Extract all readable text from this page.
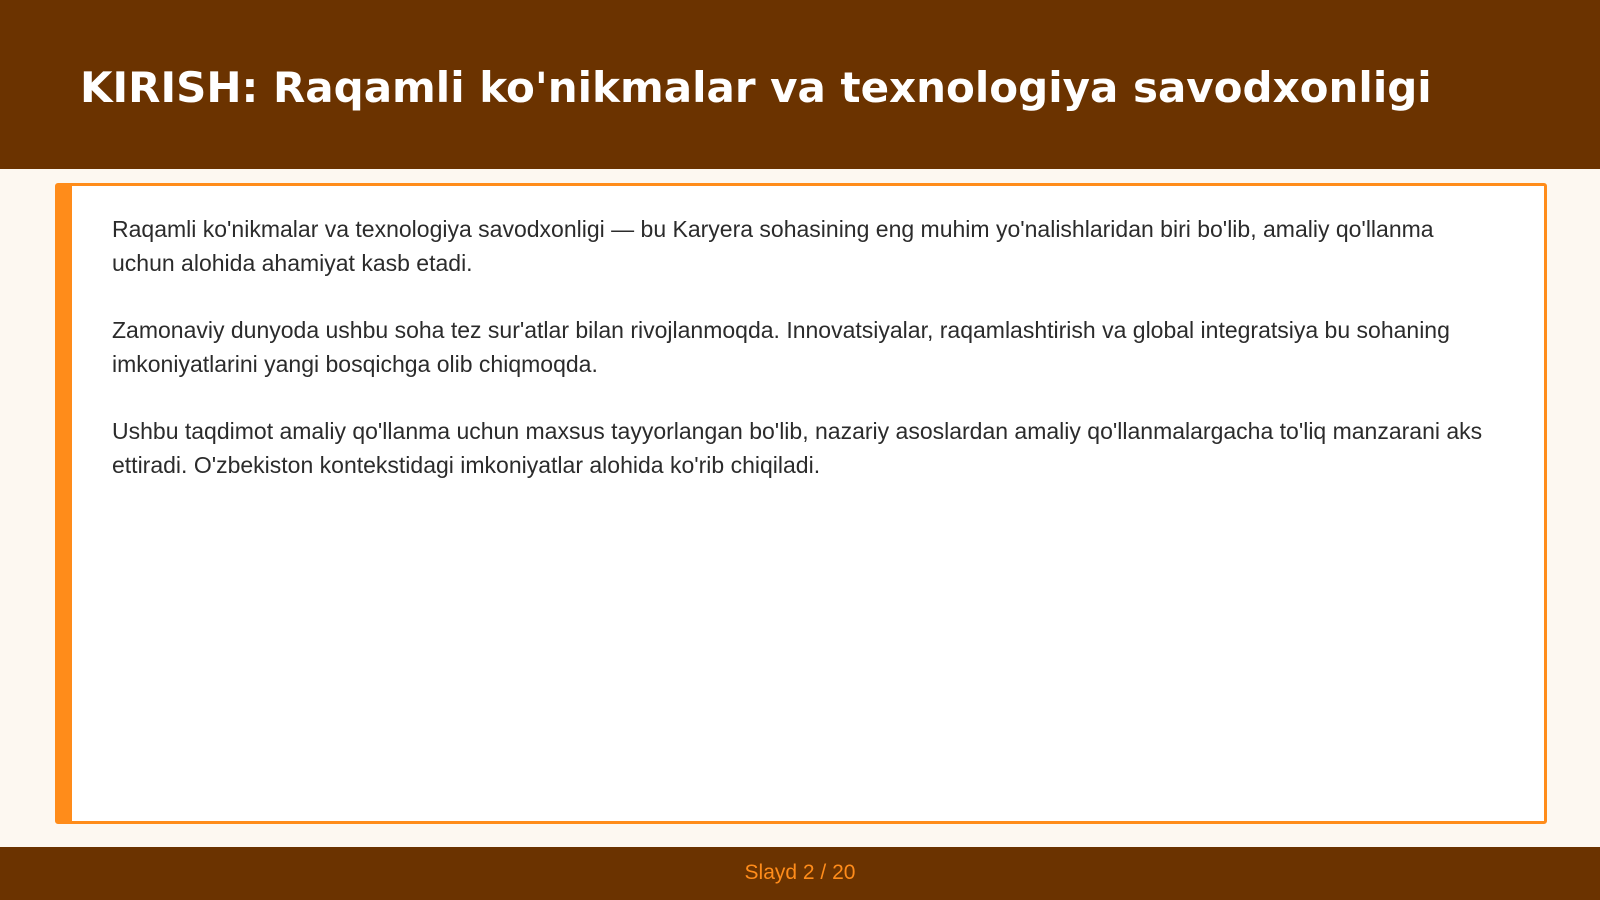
KIRISH: Raqamli ko'nikmalar va texnologiya savodxonligi

Raqamli ko'nikmalar va texnologiya savodxonligi — bu Karyera sohasining eng muhim yo'nalishlaridan biri bo'lib, amaliy qo'llanma uchun alohida ahamiyat kasb etadi.

Zamonaviy dunyoda ushbu soha tez sur'atlar bilan rivojlanmoqda. Innovatsiyalar, raqamlashtirish va global integratsiya bu sohaning imkoniyatlarini yangi bosqichga olib chiqmoqda.

Ushbu taqdimot amaliy qo'llanma uchun maxsus tayyorlangan bo'lib, nazariy asoslardan amaliy qo'llanmalargacha to'liq manzarani aks ettiradi. O'zbekiston kontekstidagi imkoniyatlar alohida ko'rib chiqiladi.

Slayd 2 / 20
